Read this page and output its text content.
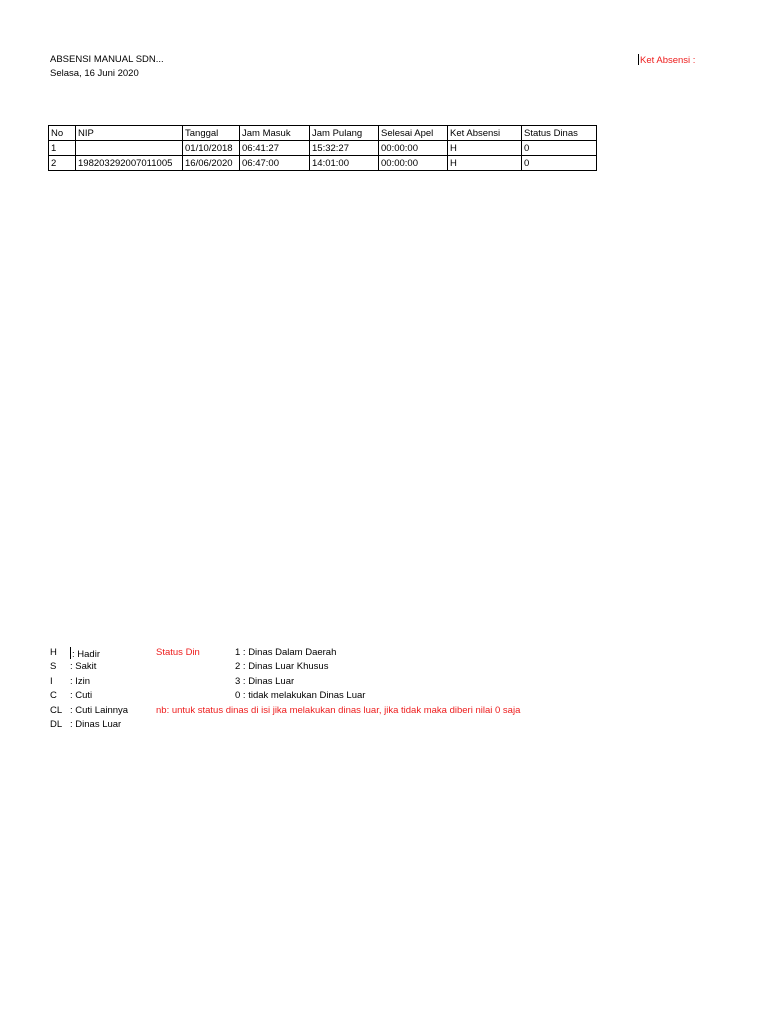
ABSENSI MANUAL SDN...
Selasa, 16 Juni 2020
Ket Absensi :
No	NIP	Tanggal	Jam Masuk	Jam Pulang	Selesai Apel	Ket Absensi	Status Dinas
1		01/10/2018	06:41:27	15:32:27	00:00:00	H	0
2	198203292007011005	16/06/2020	06:47:00	14:01:00	00:00:00	H	0
H	: Hadir
S	: Sakit
I	: Izin
C	: Cuti
CL : Cuti Lainnya
DL : Dinas Luar
Status Din	1 : Dinas Dalam Daerah
2 : Dinas Luar Khusus
3 : Dinas Luar
0 : tidak melakukan Dinas Luar
nb: untuk status dinas di isi jika melakukan dinas luar, jika tidak maka diberi nilai 0 saja
